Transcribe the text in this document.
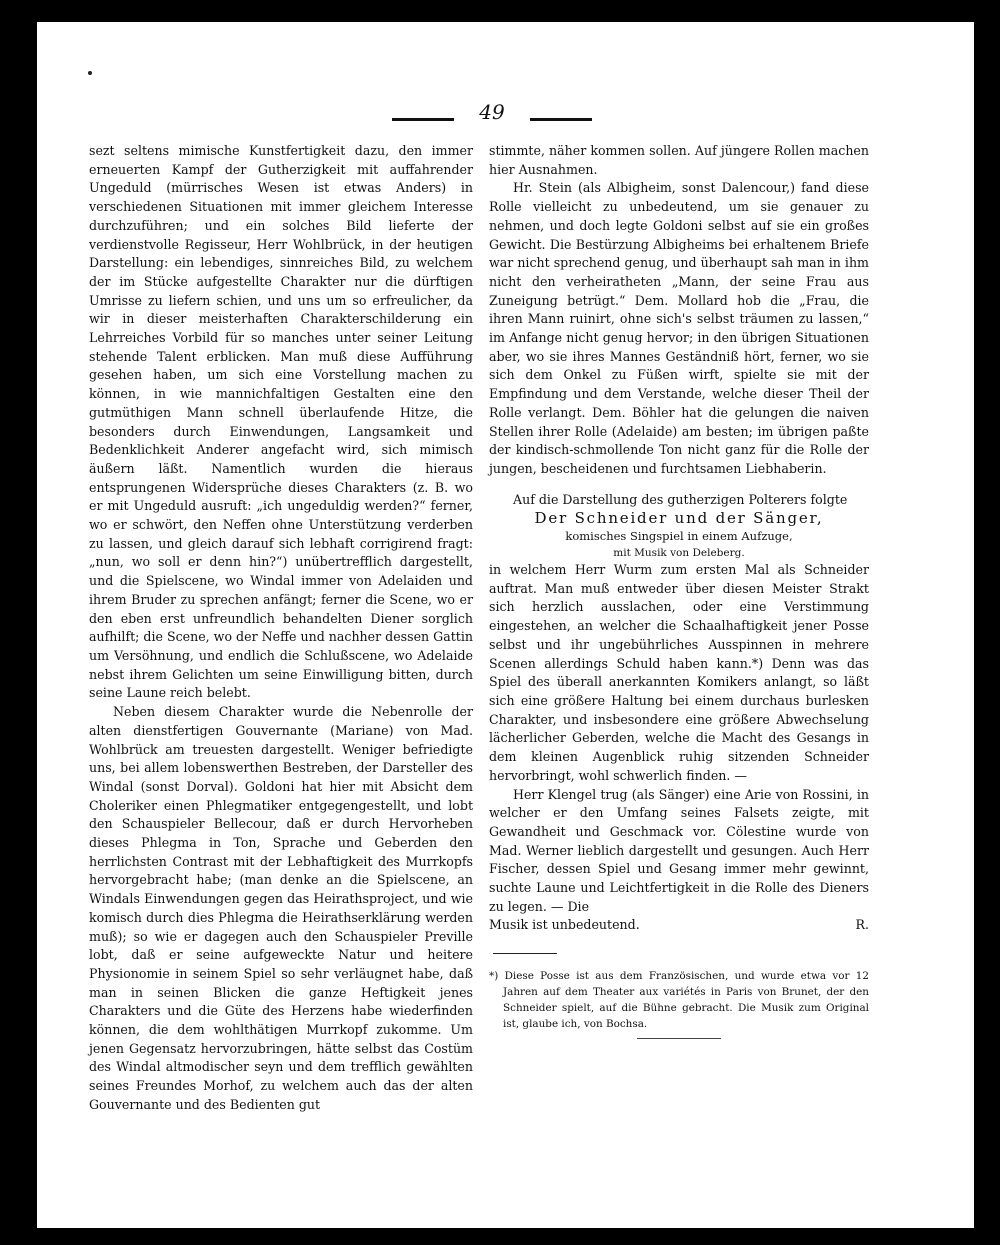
49

sezt seltens mimische Kunstfertigkeit dazu, den immer erneuerten Kampf der Gutherzigkeit mit auffahrender Ungeduld (mürrisches Wesen ist etwas Anders) in verschiedenen Situationen mit immer gleichem Interesse durchzuführen; und ein solches Bild lieferte der verdienstvolle Regisseur, Herr Wohlbrück, in der heutigen Darstellung: ein lebendiges, sinnreiches Bild, zu welchem der im Stücke aufgestellte Charakter nur die dürftigen Umrisse zu liefern schien, und uns um so erfreulicher, da wir in dieser meisterhaften Charakterschilderung ein Lehrreiches Vorbild für so manches unter seiner Leitung stehende Talent erblicken. Man muß diese Aufführung gesehen haben, um sich eine Vorstellung machen zu können, in wie mannichfaltigen Gestalten eine den gutmüthigen Mann schnell überlaufende Hitze, die besonders durch Einwendungen, Langsamkeit und Bedenklichkeit Anderer angefacht wird, sich mimisch äußern läßt. Namentlich wurden die hieraus entsprungenen Widersprüche dieses Charakters (z. B. wo er mit Ungeduld ausruft: „ich ungeduldig werden?“ ferner, wo er schwört, den Neffen ohne Unterstützung verderben zu lassen, und gleich darauf sich lebhaft corrigirend fragt: „nun, wo soll er denn hin?“) unübertrefflich dargestellt, und die Spielscene, wo Windal immer von Adelaiden und ihrem Bruder zu sprechen anfängt; ferner die Scene, wo er den eben erst unfreundlich behandelten Diener sorglich aufhilft; die Scene, wo der Neffe und nachher dessen Gattin um Versöhnung, und endlich die Schlußscene, wo Adelaide nebst ihrem Gelichten um seine Einwilligung bitten, durch seine Laune reich belebt.

Neben diesem Charakter wurde die Nebenrolle der alten dienstfertigen Gouvernante (Mariane) von Mad. Wohlbrück am treuesten dargestellt. Weniger befriedigte uns, bei allem lobenswerthen Bestreben, der Darsteller des Windal (sonst Dorval). Goldoni hat hier mit Absicht dem Choleriker einen Phlegmatiker entgegengestellt, und lobt den Schauspieler Bellecour, daß er durch Hervorheben dieses Phlegma in Ton, Sprache und Geberden den herrlichsten Contrast mit der Lebhaftigkeit des Murrkopfs hervorgebracht habe; (man denke an die Spielscene, an Windals Einwendungen gegen das Heirathsproject, und wie komisch durch dies Phlegma die Heirathserklärung werden muß); so wie er dagegen auch den Schauspieler Preville lobt, daß er seine aufgeweckte Natur und heitere Physionomie in seinem Spiel so sehr verläugnet habe, daß man in seinen Blicken die ganze Heftigkeit jenes Charakters und die Güte des Herzens habe wiederfinden können, die dem wohlthätigen Murrkopf zukomme. Um jenen Gegensatz hervorzubringen, hätte selbst das Costüm des Windal altmodischer seyn und dem trefflich gewählten seines Freundes Morhof, zu welchem auch das der alten Gouvernante und des Bedienten gut

stimmte, näher kommen sollen. Auf jüngere Rollen machen hier Ausnahmen.

Hr. Stein (als Albigheim, sonst Dalencour,) fand diese Rolle vielleicht zu unbedeutend, um sie genauer zu nehmen, und doch legte Goldoni selbst auf sie ein großes Gewicht. Die Bestürzung Albigheims bei erhaltenem Briefe war nicht sprechend genug, und überhaupt sah man in ihm nicht den verheiratheten „Mann, der seine Frau aus Zuneigung betrügt.“ Dem. Mollard hob die „Frau, die ihren Mann ruinirt, ohne sich's selbst träumen zu lassen,“ im Anfange nicht genug hervor; in den übrigen Situationen aber, wo sie ihres Mannes Geständniß hört, ferner, wo sie sich dem Onkel zu Füßen wirft, spielte sie mit der Empfindung und dem Verstande, welche dieser Theil der Rolle verlangt. Dem. Böhler hat die gelungen die naiven Stellen ihrer Rolle (Adelaide) am besten; im übrigen paßte der kindisch-schmollende Ton nicht ganz für die Rolle der jungen, bescheidenen und furchtsamen Liebhaberin.

Auf die Darstellung des gutherzigen Polterers folgte

Der Schneider und der Sänger,

komisches Singspiel in einem Aufzuge,

mit Musik von Deleberg.

in welchem Herr Wurm zum ersten Mal als Schneider auftrat. Man muß entweder über diesen Meister Strakt sich herzlich ausslachen, oder eine Verstimmung eingestehen, an welcher die Schaalhaftigkeit jener Posse selbst und ihr ungebührliches Ausspinnen in mehrere Scenen allerdings Schuld haben kann.*) Denn was das Spiel des überall anerkannten Komikers anlangt, so läßt sich eine größere Haltung bei einem durchaus burlesken Charakter, und insbesondere eine größere Abwechselung lächerlicher Geberden, welche die Macht des Gesangs in dem kleinen Augenblick ruhig sitzenden Schneider hervorbringt, wohl schwerlich finden. —

Herr Klengel trug (als Sänger) eine Arie von Rossini, in welcher er den Umfang seines Falsets zeigte, mit Gewandheit und Geschmack vor. Cölestine wurde von Mad. Werner lieblich dargestellt und gesungen. Auch Herr Fischer, dessen Spiel und Gesang immer mehr gewinnt, suchte Laune und Leichtfertigkeit in die Rolle des Dieners zu legen. — Die

Musik ist unbedeutend.	R.

*) Diese Posse ist aus dem Französischen, und wurde etwa vor 12 Jahren auf dem Theater aux variétés in Paris von Brunet, der den Schneider spielt, auf die Bühne gebracht. Die Musik zum Original ist, glaube ich, von Bochsa.
